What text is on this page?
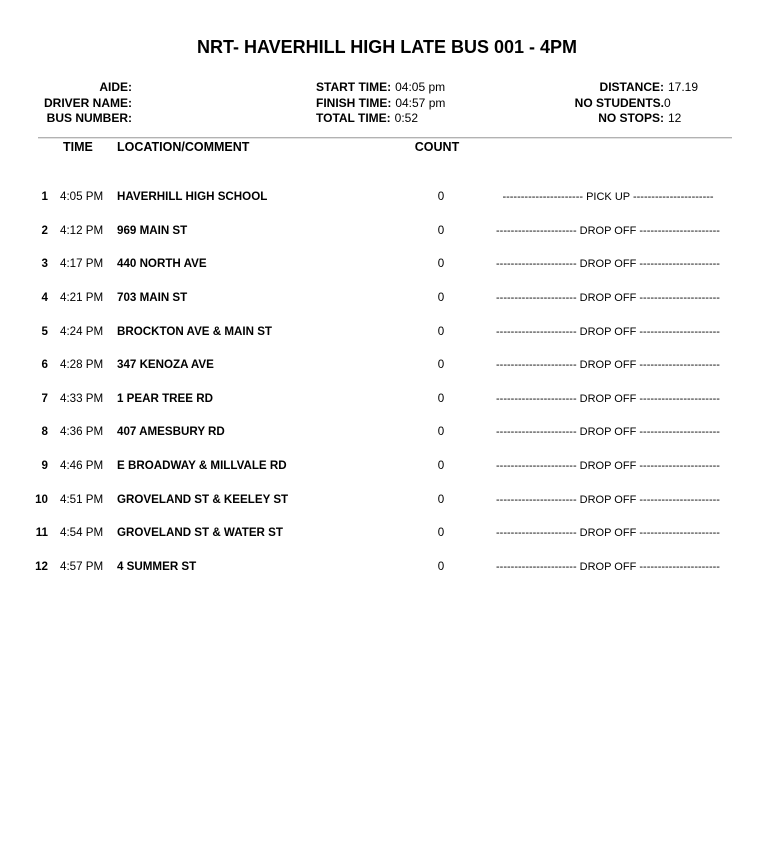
NRT- HAVERHILL HIGH LATE BUS 001 - 4PM
AIDE:	START TIME: 04:05 pm	DISTANCE: 17.19
DRIVER NAME:	FINISH TIME: 04:57 pm	NO STUDENTS.0
BUS NUMBER:	TOTAL TIME: 0:52	NO STOPS: 12
TIME LOCATION/COMMENT	COUNT
1 4:05 PM HAVERHILL HIGH SCHOOL	0	---------------------- PICK UP ----------------------
2 4:12 PM 969 MAIN ST	0	---------------------- DROP OFF ----------------------
3 4:17 PM 440 NORTH AVE	0	---------------------- DROP OFF ----------------------
4 4:21 PM 703 MAIN ST	0	---------------------- DROP OFF ----------------------
5 4:24 PM BROCKTON AVE & MAIN ST	0	---------------------- DROP OFF ----------------------
6 4:28 PM 347 KENOZA AVE	0	---------------------- DROP OFF ----------------------
7 4:33 PM 1 PEAR TREE RD	0	---------------------- DROP OFF ----------------------
8 4:36 PM 407 AMESBURY RD	0	---------------------- DROP OFF ----------------------
9 4:46 PM E BROADWAY & MILLVALE RD	0	---------------------- DROP OFF ----------------------
10 4:51 PM GROVELAND ST & KEELEY ST	0	---------------------- DROP OFF ----------------------
11 4:54 PM GROVELAND ST & WATER ST	0	---------------------- DROP OFF ----------------------
12 4:57 PM 4 SUMMER ST	0	---------------------- DROP OFF ----------------------
